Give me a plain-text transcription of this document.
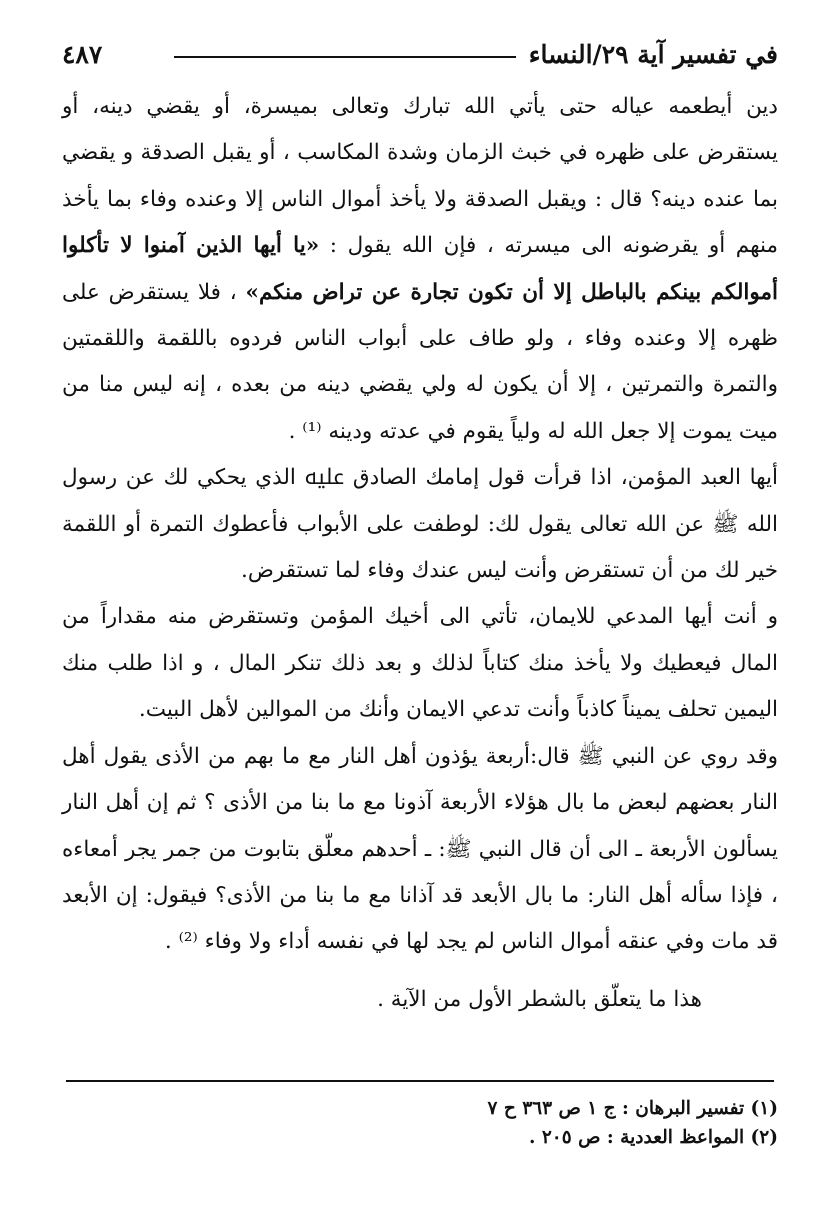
في تفسير آية ٢٩/النساء
٤٨٧

دين أيطعمه عياله حتى يأتي الله تبارك وتعالى بميسرة، أو يقضي دينه، أو يستقرض على ظهره في خبث الزمان وشدة المكاسب ، أو يقبل الصدقة و يقضي بما عنده دينه؟ قال : ويقبل الصدقة ولا يأخذ أموال الناس إلا وعنده وفاء بما يأخذ منهم أو يقرضونه الى ميسرته ، فإن الله يقول : «يا أيها الذين آمنوا لا تأكلوا أموالكم بينكم بالباطل إلا أن تكون تجارة عن تراض منكم» ، فلا يستقرض على ظهره إلا وعنده وفاء ، ولو طاف على أبواب الناس فردوه باللقمة واللقمتين والتمرة والتمرتين ، إلا أن يكون له ولي يقضي دينه من بعده ، إنه ليس منا من ميت يموت إلا جعل الله له ولياً يقوم في عدته ودينه ⁽¹⁾ .

أيها العبد المؤمن، اذا قرأت قول إمامك الصادق ﷷ الذي يحكي لك عن رسول الله ﷺ عن الله تعالى يقول لك: لوطفت على الأبواب فأعطوك التمرة أو اللقمة خير لك من أن تستقرض وأنت ليس عندك وفاء لما تستقرض.

و أنت أيها المدعي للايمان، تأتي الى أخيك المؤمن وتستقرض منه مقداراً من المال فيعطيك ولا يأخذ منك كتاباً لذلك و بعد ذلك تنكر المال ، و اذا طلب منك اليمين تحلف يميناً كاذباً وأنت تدعي الايمان وأنك من الموالين لأهل البيت.

وقد روي عن النبي ﷺ قال:أربعة يؤذون أهل النار مع ما بهم من الأذى يقول أهل النار بعضهم لبعض ما بال هؤلاء الأربعة آذونا مع ما بنا من الأذى ؟ ثم إن أهل النار يسألون الأربعة ـ الى أن قال النبي ﷺ: ـ أحدهم معلّق بتابوت من جمر يجر أمعاءه ، فإذا سأله أهل النار: ما بال الأبعد قد آذانا مع ما بنا من الأذى؟ فيقول: إن الأبعد قد مات وفي عنقه أموال الناس لم يجد لها في نفسه أداء ولا وفاء ⁽²⁾ .

هذا ما يتعلّق بالشطر الأول من الآية .

(١) تفسير البرهان : ج ١ ص ٣٦٣ ح ٧

(٢) المواعظ العددية : ص ٢٠٥ .
